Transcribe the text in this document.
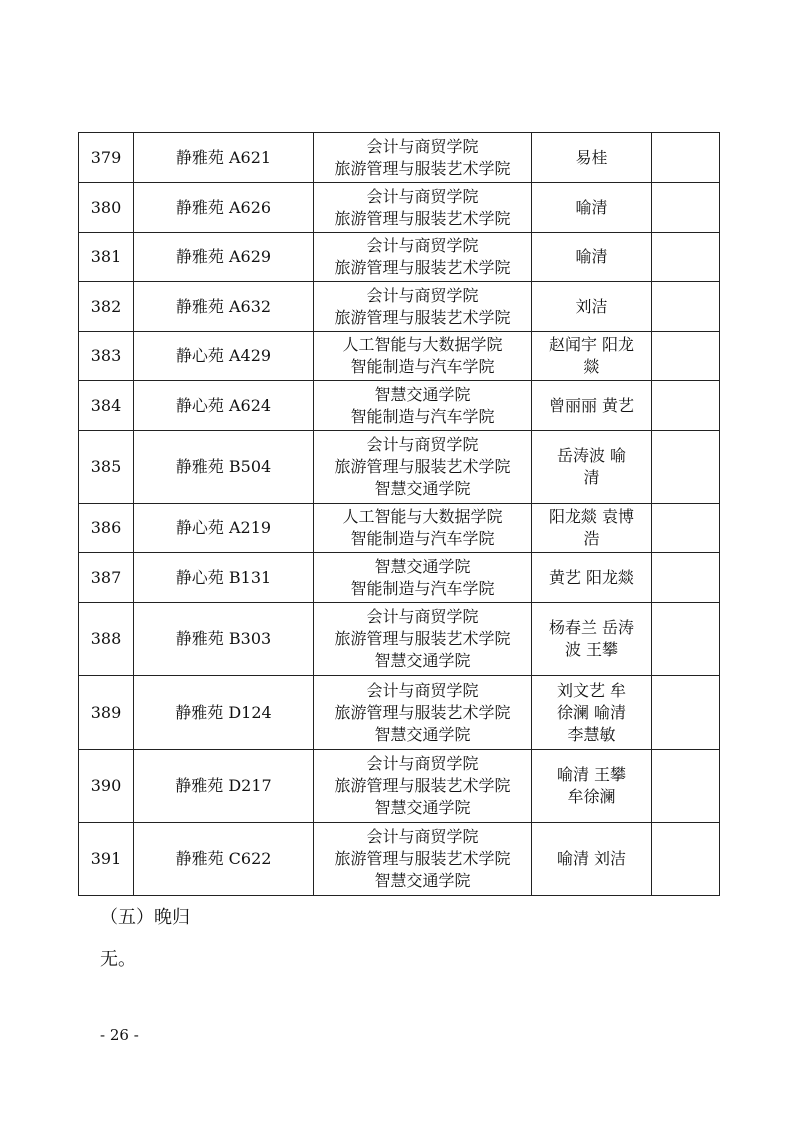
379	静雅苑 A621	会计与商贸学院
旅游管理与服装艺术学院	易桂	
380	静雅苑 A626	会计与商贸学院
旅游管理与服装艺术学院	喻清	
381	静雅苑 A629	会计与商贸学院
旅游管理与服装艺术学院	喻清	
382	静雅苑 A632	会计与商贸学院
旅游管理与服装艺术学院	刘洁	
383	静心苑 A429	人工智能与大数据学院
智能制造与汽车学院	赵闻宇 阳龙
燚	
384	静心苑 A624	智慧交通学院
智能制造与汽车学院	曾丽丽 黄艺	
385	静雅苑 B504	会计与商贸学院
旅游管理与服装艺术学院
智慧交通学院	岳涛波 喻
清	
386	静心苑 A219	人工智能与大数据学院
智能制造与汽车学院	阳龙燚 袁博
浩	
387	静心苑 B131	智慧交通学院
智能制造与汽车学院	黄艺 阳龙燚	
388	静雅苑 B303	会计与商贸学院
旅游管理与服装艺术学院
智慧交通学院	杨春兰 岳涛
波 王攀	
389	静雅苑 D124	会计与商贸学院
旅游管理与服装艺术学院
智慧交通学院	刘文艺 牟
徐澜 喻清
李慧敏	
390	静雅苑 D217	会计与商贸学院
旅游管理与服装艺术学院
智慧交通学院	喻清 王攀
牟徐澜	
391	静雅苑 C622	会计与商贸学院
旅游管理与服装艺术学院
智慧交通学院	喻清 刘洁	
（五）晚归
无。
- 26 -
